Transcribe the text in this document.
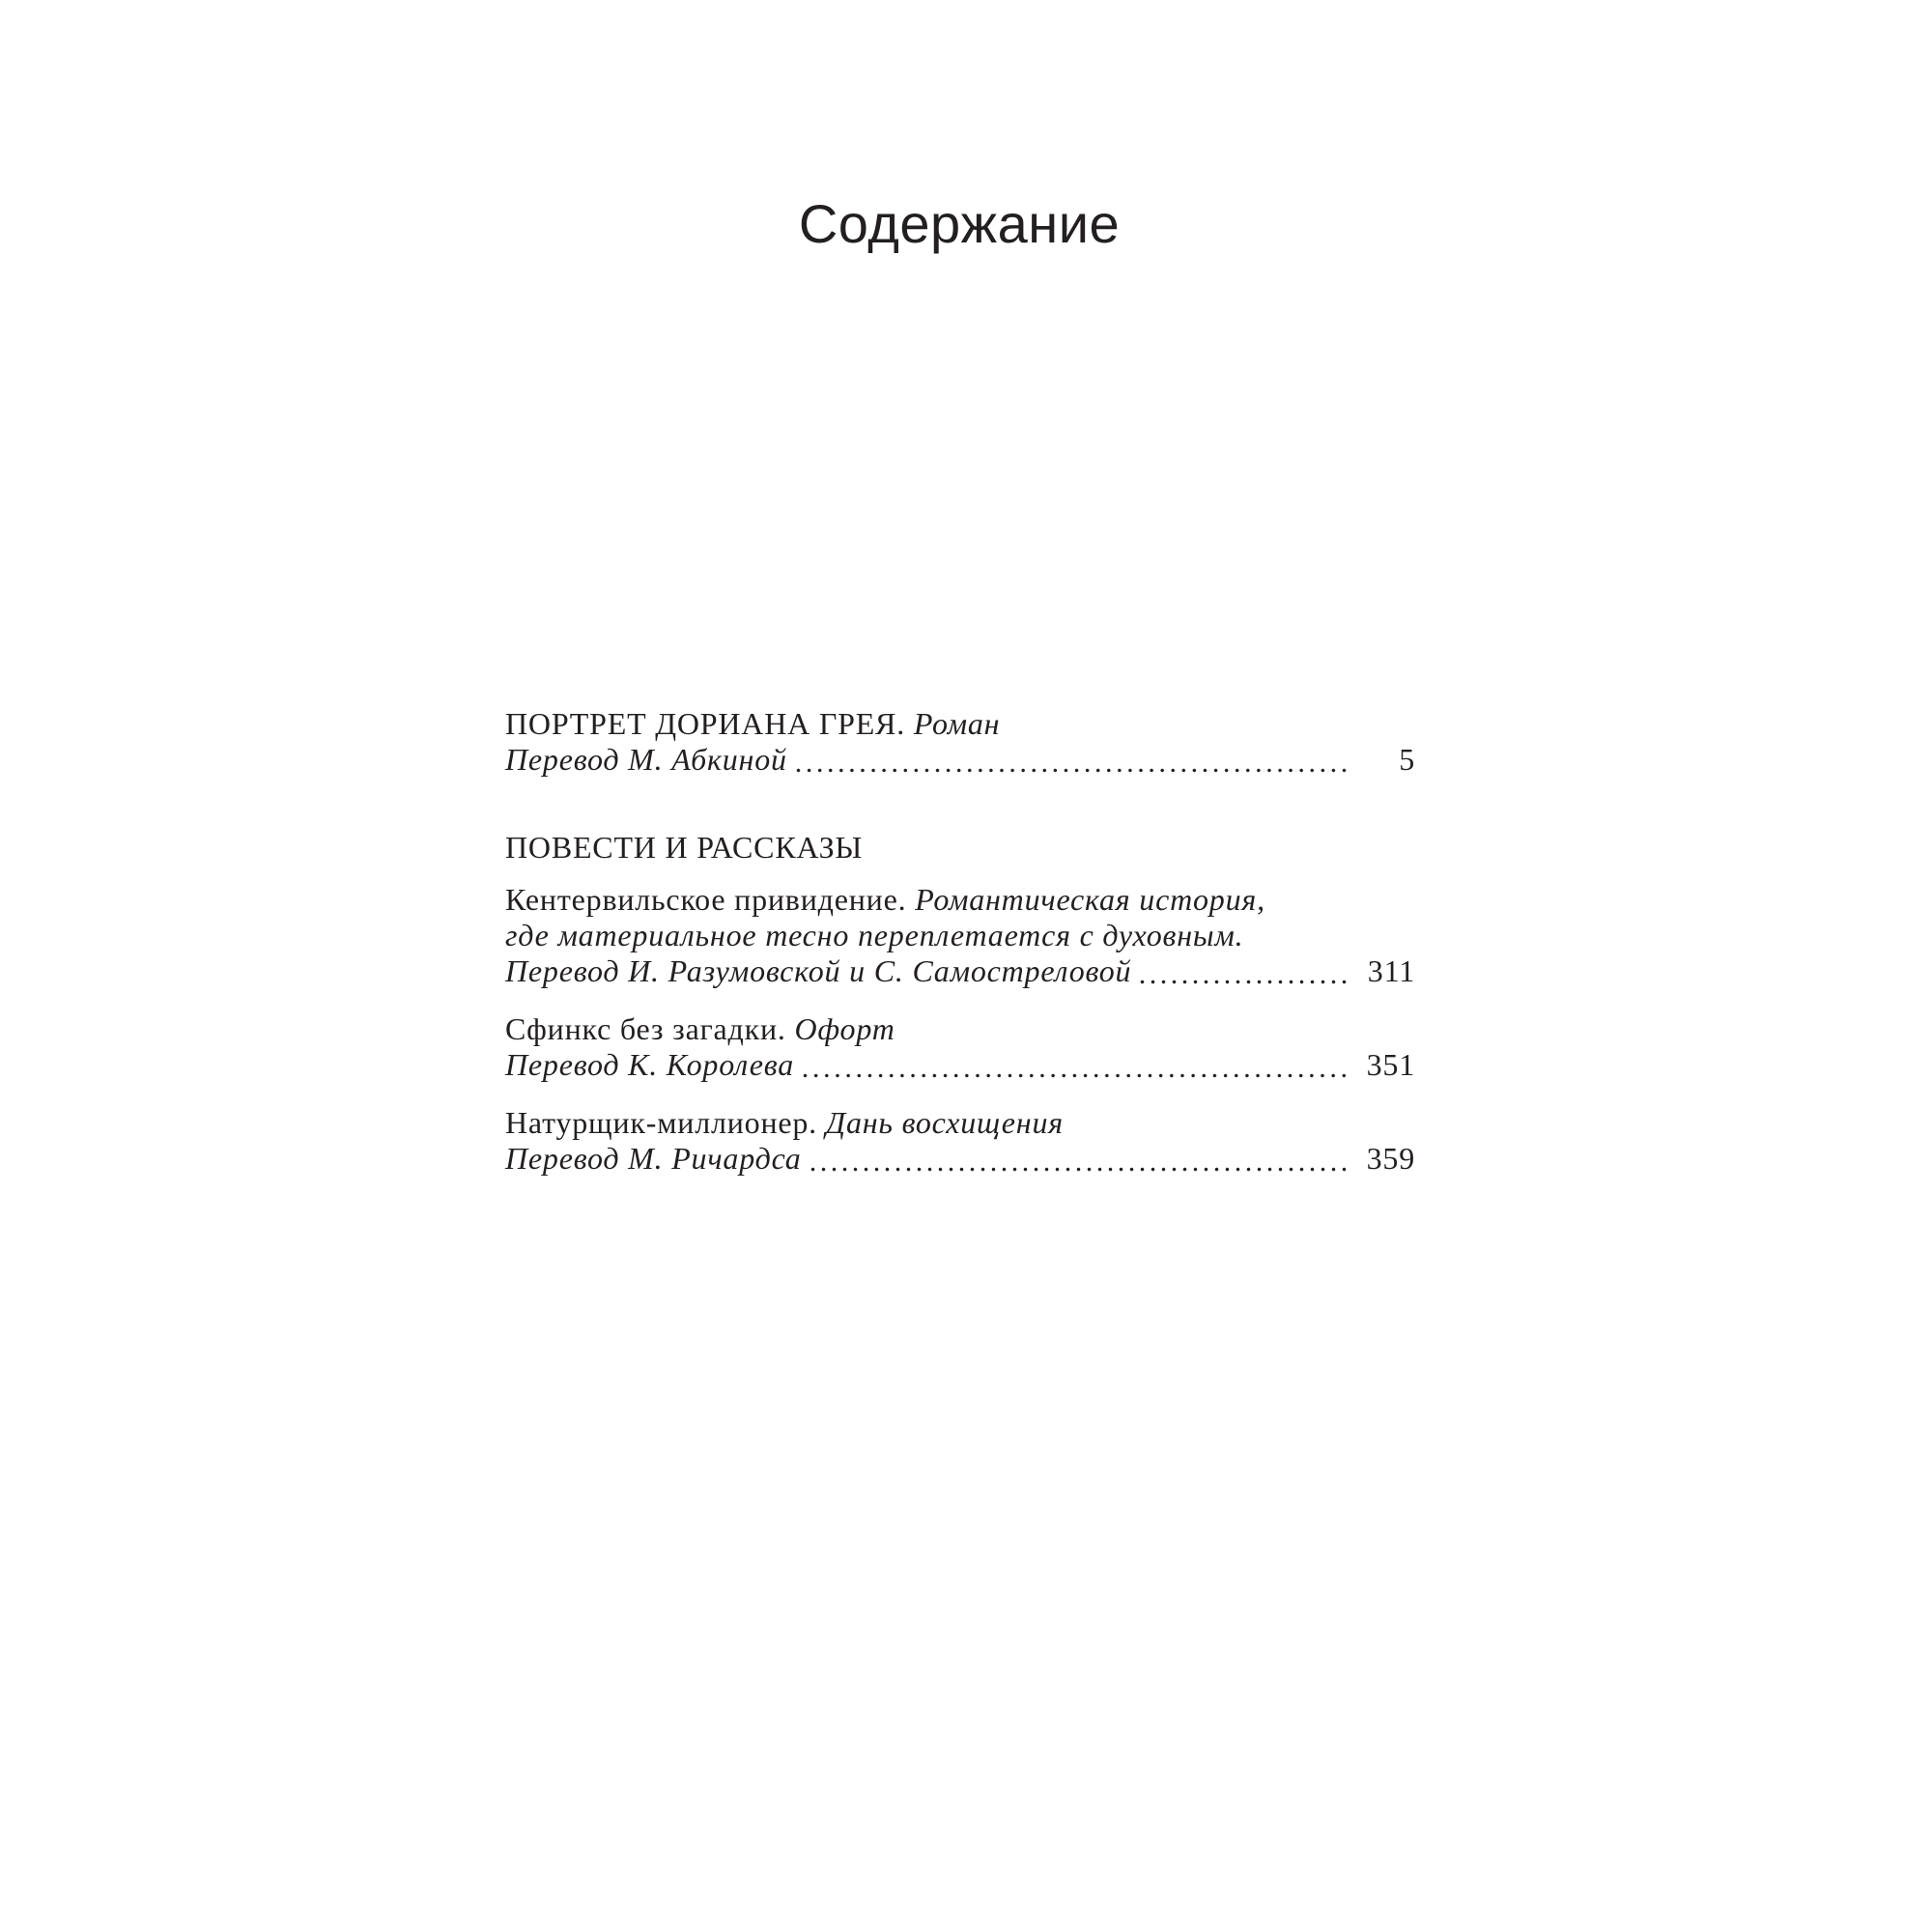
Содержание
ПОРТРЕТ ДОРИАНА ГРЕЯ. Роман
Перевод М. Абкиной	5
ПОВЕСТИ И РАССКАЗЫ
Кентервильское привидение. Романтическая история,
где материальное тесно переплетается с духовным.
Перевод И. Разумовской и С. Самостреловой	311
Сфинкс без загадки. Офорт
Перевод К. Королева	351
Натурщик-миллионер. Дань восхищения
Перевод М. Ричардса	359
